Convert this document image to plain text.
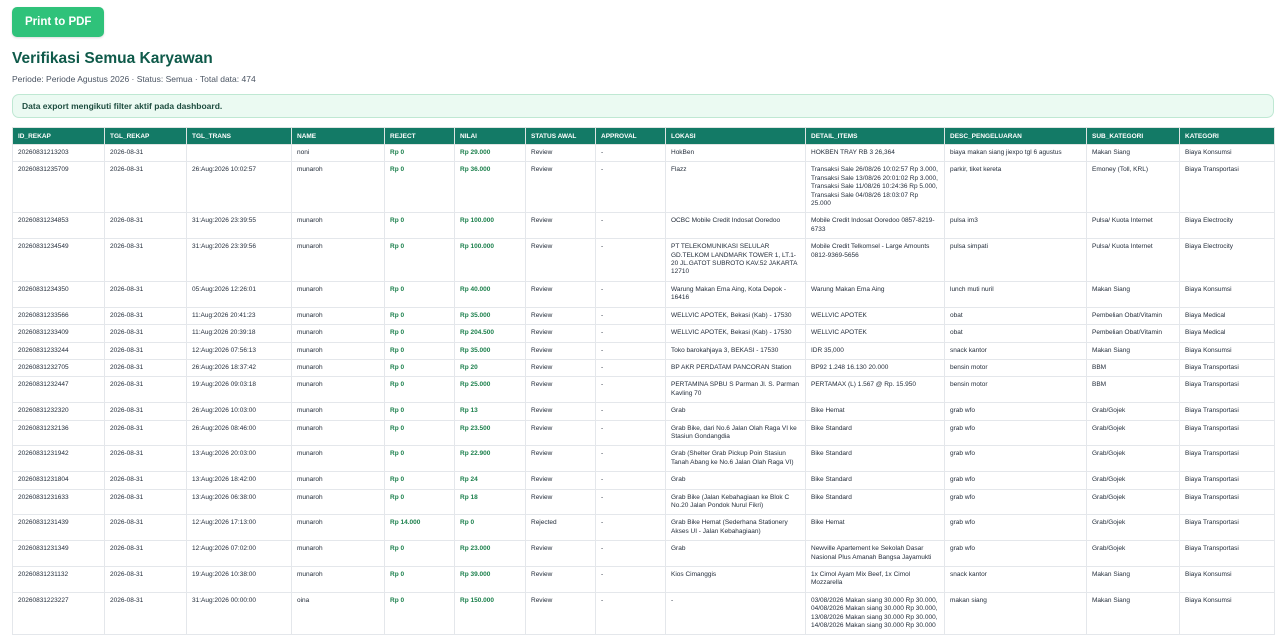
Print to PDF
Verifikasi Semua Karyawan
Periode: Periode Agustus 2026 · Status: Semua · Total data: 474
Data export mengikuti filter aktif pada dashboard.
ID_REKAP	TGL_REKAP	TGL_TRANS	NAME	REJECT	NILAI	STATUS AWAL	APPROVAL	LOKASI	DETAIL_ITEMS	DESC_PENGELUARAN	SUB_KATEGORI	KATEGORI
20260831213203	2026-08-31		noni	Rp 0	Rp 29.000	Review	-	HokBen	HOKBEN TRAY RB 3 26,364	biaya makan siang jiexpo tgl 6 agustus	Makan Siang	Biaya Konsumsi
20260831235709	2026-08-31	26:Aug:2026 10:02:57	munaroh	Rp 0	Rp 36.000	Review	-	Flazz	Transaksi Sale 26/08/26 10:02:57 Rp 3.000, Transaksi Sale 13/08/26 20:01:02 Rp 3.000, Transaksi Sale 11/08/26 10:24:36 Rp 5.000, Transaksi Sale 04/08/26 18:03:07 Rp 25.000	parkir, tiket kereta	Emoney (Toll, KRL)	Biaya Transportasi
20260831234853	2026-08-31	31:Aug:2026 23:39:55	munaroh	Rp 0	Rp 100.000	Review	-	OCBC Mobile Credit Indosat Ooredoo	Mobile Credit Indosat Ooredoo 0857-8219-6733	pulsa im3	Pulsa/ Kuota Internet	Biaya Electrocity
20260831234549	2026-08-31	31:Aug:2026 23:39:56	munaroh	Rp 0	Rp 100.000	Review	-	PT TELEKOMUNIKASI SELULAR GD.TELKOM LANDMARK TOWER 1, LT.1-20 JL.GATOT SUBROTO KAV.52 JAKARTA 12710	Mobile Credit Telkomsel - Large Amounts 0812-9369-5656	pulsa simpati	Pulsa/ Kuota Internet	Biaya Electrocity
20260831234350	2026-08-31	05:Aug:2026 12:26:01	munaroh	Rp 0	Rp 40.000	Review	-	Warung Makan Ema Aing, Kota Depok - 16416	Warung Makan Ema Aing	lunch muti nuril	Makan Siang	Biaya Konsumsi
20260831233566	2026-08-31	11:Aug:2026 20:41:23	munaroh	Rp 0	Rp 35.000	Review	-	WELLVIC APOTEK, Bekasi (Kab) - 17530	WELLVIC APOTEK	obat	Pembelian Obat/Vitamin	Biaya Medical
20260831233409	2026-08-31	11:Aug:2026 20:39:18	munaroh	Rp 0	Rp 204.500	Review	-	WELLVIC APOTEK, Bekasi (Kab) - 17530	WELLVIC APOTEK	obat	Pembelian Obat/Vitamin	Biaya Medical
20260831233244	2026-08-31	12:Aug:2026 07:56:13	munaroh	Rp 0	Rp 35.000	Review	-	Toko barokahjaya 3, BEKASI - 17530	IDR 35,000	snack kantor	Makan Siang	Biaya Konsumsi
20260831232705	2026-08-31	26:Aug:2026 18:37:42	munaroh	Rp 0	Rp 20	Review	-	BP AKR PERDATAM PANCORAN Station	BP92 1.248 16.130 20.000	bensin motor	BBM	Biaya Transportasi
20260831232447	2026-08-31	19:Aug:2026 09:03:18	munaroh	Rp 0	Rp 25.000	Review	-	PERTAMINA SPBU S Parman Jl. S. Parman Kavling 70	PERTAMAX (L) 1.567 @ Rp. 15.950	bensin motor	BBM	Biaya Transportasi
20260831232320	2026-08-31	26:Aug:2026 10:03:00	munaroh	Rp 0	Rp 13	Review	-	Grab	Bike Hemat	grab wfo	Grab/Gojek	Biaya Transportasi
20260831232136	2026-08-31	26:Aug:2026 08:46:00	munaroh	Rp 0	Rp 23.500	Review	-	Grab Bike, dari No.6 Jalan Olah Raga VI ke Stasiun Gondangdia	Bike Standard	grab wfo	Grab/Gojek	Biaya Transportasi
20260831231942	2026-08-31	13:Aug:2026 20:03:00	munaroh	Rp 0	Rp 22.900	Review	-	Grab (Shelter Grab Pickup Poin Stasiun Tanah Abang ke No.6 Jalan Olah Raga VI)	Bike Standard	grab wfo	Grab/Gojek	Biaya Transportasi
20260831231804	2026-08-31	13:Aug:2026 18:42:00	munaroh	Rp 0	Rp 24	Review	-	Grab	Bike Standard	grab wfo	Grab/Gojek	Biaya Transportasi
20260831231633	2026-08-31	13:Aug:2026 06:38:00	munaroh	Rp 0	Rp 18	Review	-	Grab Bike (Jalan Kebahagiaan ke Blok C No.20 Jalan Pondok Nurul Fikri)	Bike Standard	grab wfo	Grab/Gojek	Biaya Transportasi
20260831231439	2026-08-31	12:Aug:2026 17:13:00	munaroh	Rp 14.000	Rp 0	Rejected	-	Grab Bike Hemat (Sederhana Stationery Akses UI - Jalan Kebahagiaan)	Bike Hemat	grab wfo	Grab/Gojek	Biaya Transportasi
20260831231349	2026-08-31	12:Aug:2026 07:02:00	munaroh	Rp 0	Rp 23.000	Review	-	Grab	Newville Apartement ke Sekolah Dasar Nasional Plus Amanah Bangsa Jayamukti	grab wfo	Grab/Gojek	Biaya Transportasi
20260831231132	2026-08-31	19:Aug:2026 10:38:00	munaroh	Rp 0	Rp 39.000	Review	-	Kios Cimanggis	1x Cimol Ayam Mix Beef, 1x Cimol Mozzarella	snack kantor	Makan Siang	Biaya Konsumsi
20260831223227	2026-08-31	31:Aug:2026 00:00:00	oina	Rp 0	Rp 150.000	Review	-	-	03/08/2026 Makan siang 30.000 Rp 30.000, 04/08/2026 Makan siang 30.000 Rp 30.000, 13/08/2026 Makan siang 30.000 Rp 30.000, 14/08/2026 Makan siang 30.000 Rp 30.000	makan siang	Makan Siang	Biaya Konsumsi
